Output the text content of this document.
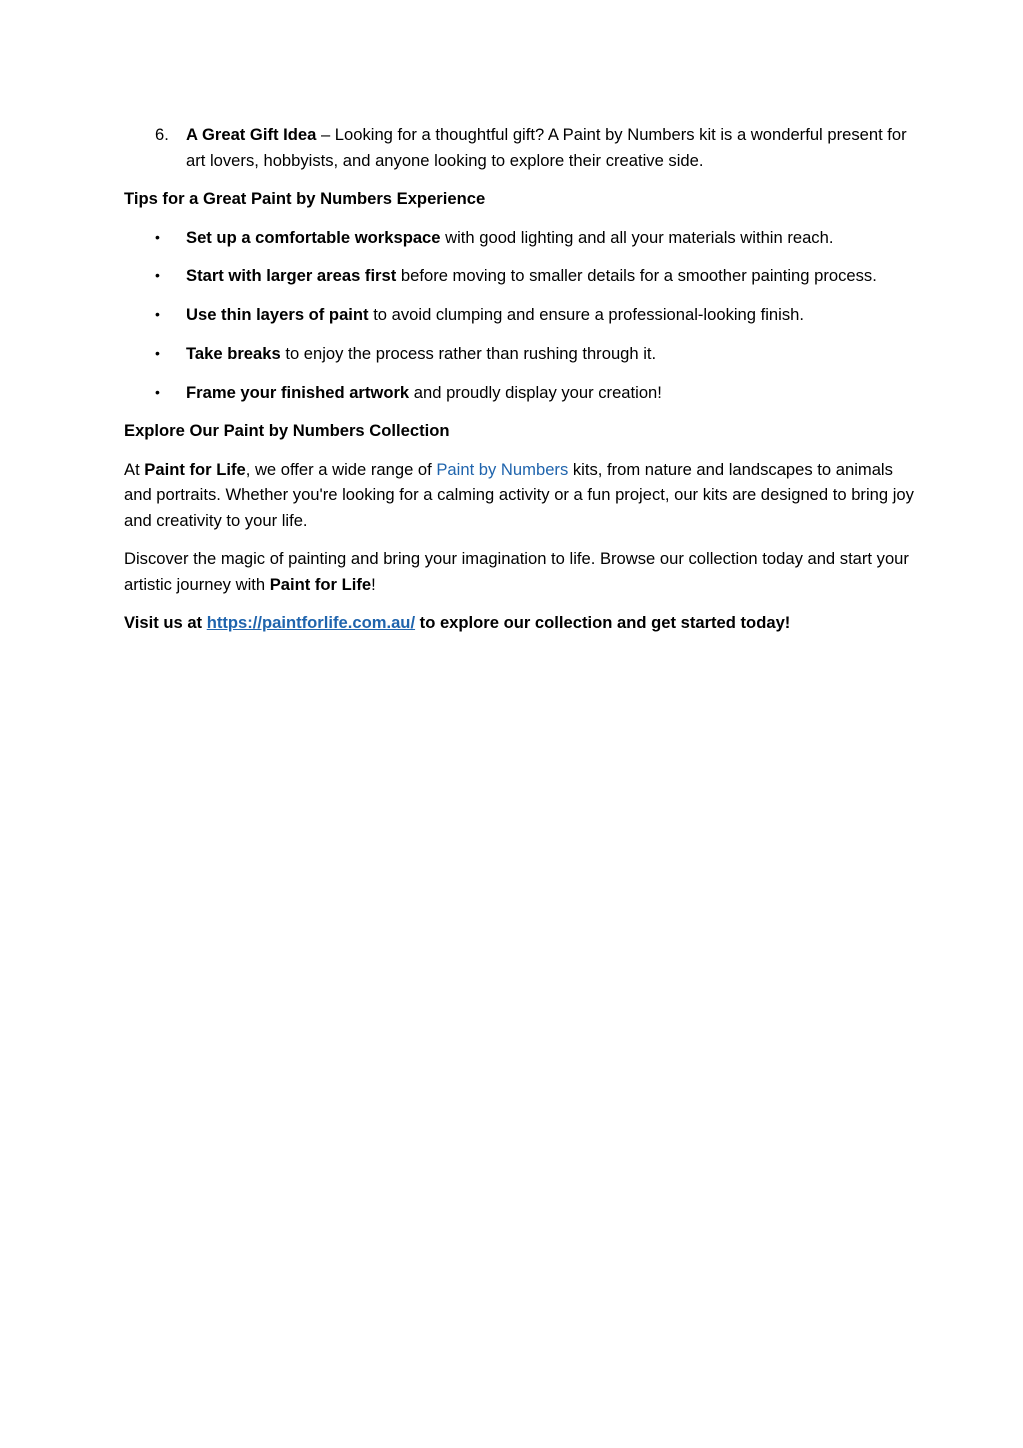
6. A Great Gift Idea – Looking for a thoughtful gift? A Paint by Numbers kit is a wonderful present for art lovers, hobbyists, and anyone looking to explore their creative side.
Tips for a Great Paint by Numbers Experience
• Set up a comfortable workspace with good lighting and all your materials within reach.
• Start with larger areas first before moving to smaller details for a smoother painting process.
• Use thin layers of paint to avoid clumping and ensure a professional-looking finish.
• Take breaks to enjoy the process rather than rushing through it.
• Frame your finished artwork and proudly display your creation!
Explore Our Paint by Numbers Collection

At Paint for Life, we offer a wide range of Paint by Numbers kits, from nature and landscapes to animals and portraits. Whether you're looking for a calming activity or a fun project, our kits are designed to bring joy and creativity to your life.

Discover the magic of painting and bring your imagination to life. Browse our collection today and start your artistic journey with Paint for Life!

Visit us at https://paintforlife.com.au/ to explore our collection and get started today!
